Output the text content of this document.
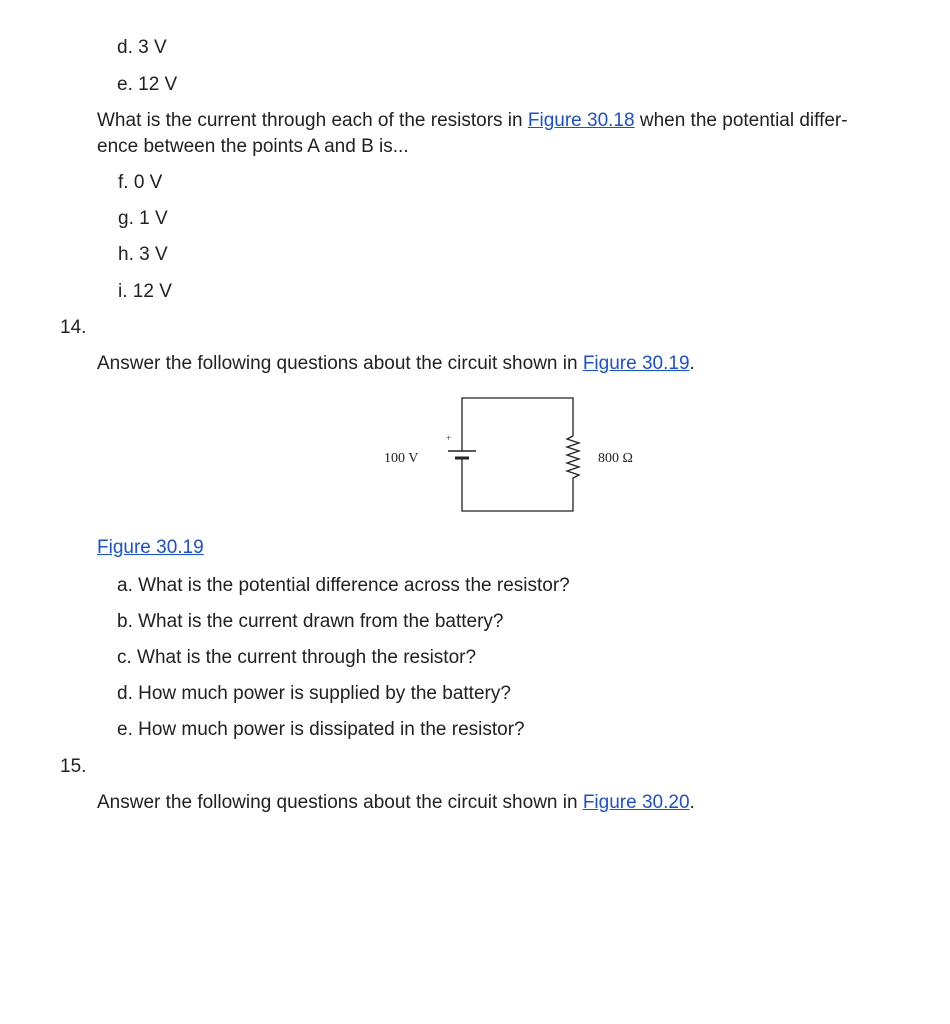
d. 3 V
e. 12 V
What is the current through each of the resistors in Figure 30.18 when the potential differ-
ence between the points A and B is...
f. 0 V
g. 1 V
h. 3 V
i. 12 V
14.
Answer the following questions about the circuit shown in Figure 30.19.
+
100 V	800 Ω
Figure 30.19
a. What is the potential difference across the resistor?
b. What is the current drawn from the battery?
c. What is the current through the resistor?
d. How much power is supplied by the battery?
e. How much power is dissipated in the resistor?
15.
Answer the following questions about the circuit shown in Figure 30.20.
